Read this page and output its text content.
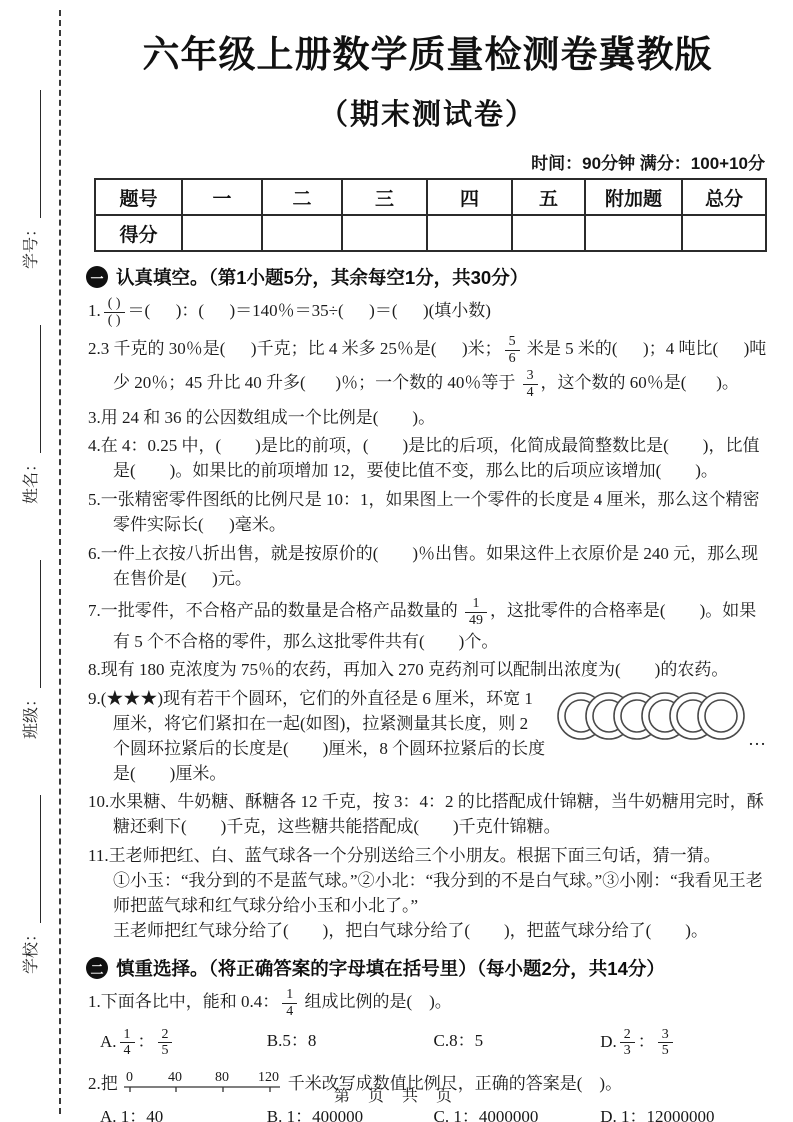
学校：
班级：
姓名：
学号：
六年级上册数学质量检测卷冀教版
（期末测试卷）
时间：90分钟 满分：100+10分
题号	一	二	三	四	五	附加题	总分
得分							
一 认真填空。（第1小题5分，其余每空1分，共30分）
1. $\frac{( )}{( )}$ ＝(      )：(      )＝140％＝35÷(      )＝(      )(填小数)
2.3 千克的 30％是(      )千克；比 4 米多 25％是(      )米； $\frac{5}{6}$ 米是 5 米的(      )；4 吨比(      )吨少 20％；45 升比 40 升多(       )％；一个数的 40％等于 $\frac{3}{4}$ ，这个数的 60％是(       )。
3.用 24 和 36 的公因数组成一个比例是(        )。
4.在 4：0.25 中，(        )是比的前项，(        )是比的后项，化简成最简整数比是(        )，比值是(        )。如果比的前项增加 12，要使比值不变，那么比的后项应该增加(        )。
5.一张精密零件图纸的比例尺是 10：1，如果图上一个零件的长度是 4 厘米，那么这个精密零件实际长(      )毫米。
6.一件上衣按八折出售，就是按原价的(        )％出售。如果这件上衣原价是 240 元，那么现在售价是(      )元。
7.一批零件，不合格产品的数量是合格产品数量的 $\frac{1}{49}$ ，这批零件的合格率是(        )。如果有 5 个不合格的零件，那么这批零件共有(        )个。
8.现有 180 克浓度为 75％的农药，再加入 270 克药剂可以配制出浓度为(        )的农药。
…
9.(★★★)现有若干个圆环，它们的外直径是 6 厘米，环宽 1 厘米，将它们紧扣在一起(如图)，拉紧测量其长度，则 2 个圆环拉紧后的长度是(        )厘米，8 个圆环拉紧后的长度是(        )厘米。
10.水果糖、牛奶糖、酥糖各 12 千克，按 3：4：2 的比搭配成什锦糖，当牛奶糖用完时，酥糖还剩下(        )千克，这些糖共能搭配成(        )千克什锦糖。
11.王老师把红、白、蓝气球各一个分别送给三个小朋友。根据下面三句话，猜一猜。
①小玉：“我分到的不是蓝气球。”②小北：“我分到的不是白气球。”③小刚：“我看见王老师把蓝气球和红气球分给小玉和小北了。”
王老师把红气球分给了(        )，把白气球分给了(        )，把蓝气球分给了(        )。
二 慎重选择。（将正确答案的字母填在括号里）（每小题2分，共14分）
1.下面各比中，能和 0.4： $\frac{1}{4}$ 组成比例的是(    )。
A. $\frac{1}{4}$ ： $\frac{2}{5}$	B.5：8	C.8：5	D. $\frac{2}{3}$ ： $\frac{3}{5}$
2.把 0	40 80 120 千米改写成数值比例尺，正确的答案是(    )。
A. 1：40	B. 1：400000	C. 1：4000000	D. 1：12000000
第 页 共 页
